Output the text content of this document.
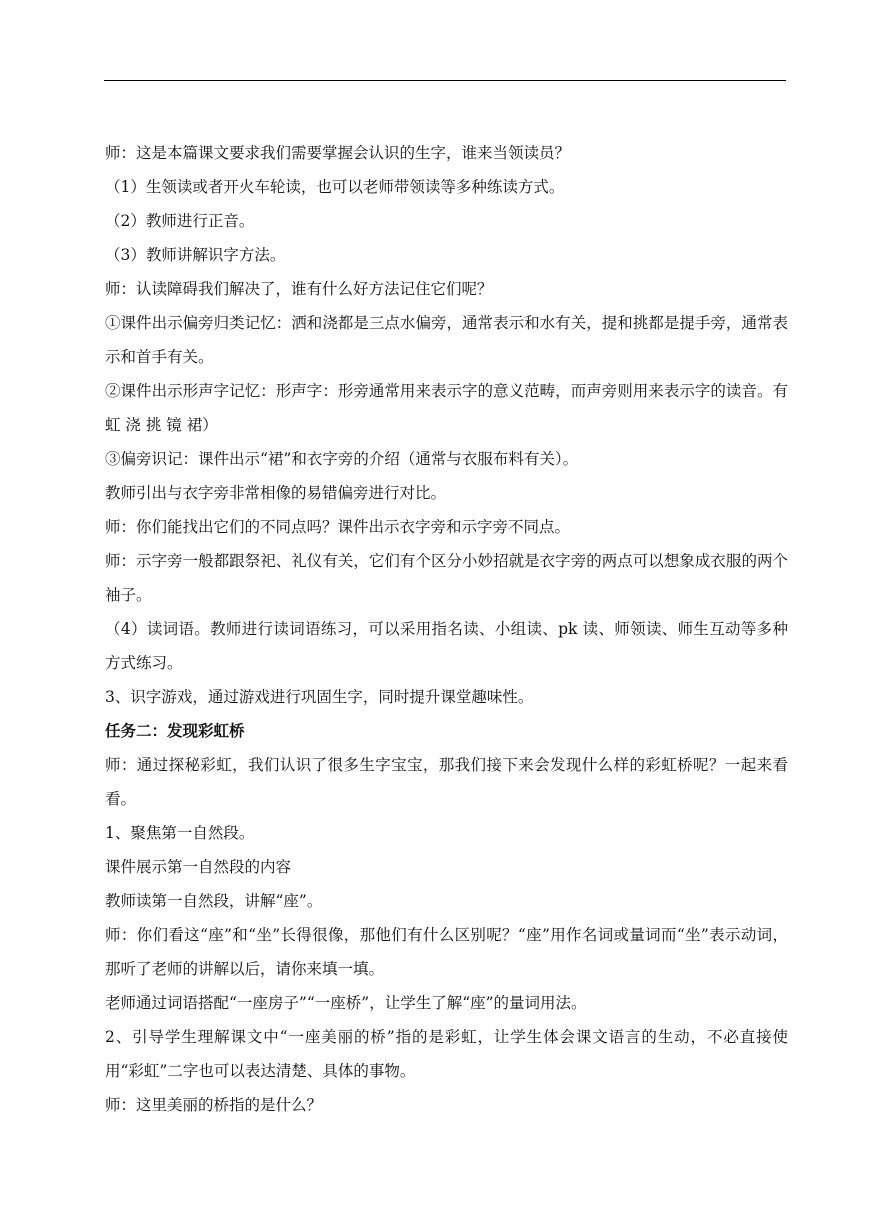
师：这是本篇课文要求我们需要掌握会认识的生字，谁来当领读员？

（1）生领读或者开火车轮读，也可以老师带领读等多种练读方式。

（2）教师进行正音。

（3）教师讲解识字方法。

师：认读障碍我们解决了，谁有什么好方法记住它们呢？

①课件出示偏旁归类记忆：洒和浇都是三点水偏旁，通常表示和水有关，提和挑都是提手旁，通常表示和首手有关。

②课件出示形声字记忆：形声字：形旁通常用来表示字的意义范畴，而声旁则用来表示字的读音。有虹 浇 挑 镜 裙）

③偏旁识记：课件出示“裙”和衣字旁的介绍（通常与衣服布料有关）。

教师引出与衣字旁非常相像的易错偏旁进行对比。

师：你们能找出它们的不同点吗？课件出示衣字旁和示字旁不同点。

师：示字旁一般都跟祭祀、礼仪有关，它们有个区分小妙招就是衣字旁的两点可以想象成衣服的两个袖子。

（4）读词语。教师进行读词语练习，可以采用指名读、小组读、pk 读、师领读、师生互动等多种方式练习。

3、识字游戏，通过游戏进行巩固生字，同时提升课堂趣味性。

任务二：发现彩虹桥

师：通过探秘彩虹，我们认识了很多生字宝宝，那我们接下来会发现什么样的彩虹桥呢？一起来看看。

1、聚焦第一自然段。

课件展示第一自然段的内容

教师读第一自然段，讲解“座”。

师：你们看这“座”和“坐”长得很像，那他们有什么区别呢？“座”用作名词或量词而“坐”表示动词，那听了老师的讲解以后，请你来填一填。

老师通过词语搭配“一座房子”“一座桥”，让学生了解“座”的量词用法。

2、引导学生理解课文中“一座美丽的桥”指的是彩虹，让学生体会课文语言的生动，不必直接使用“彩虹”二字也可以表达清楚、具体的事物。

师：这里美丽的桥指的是什么？
